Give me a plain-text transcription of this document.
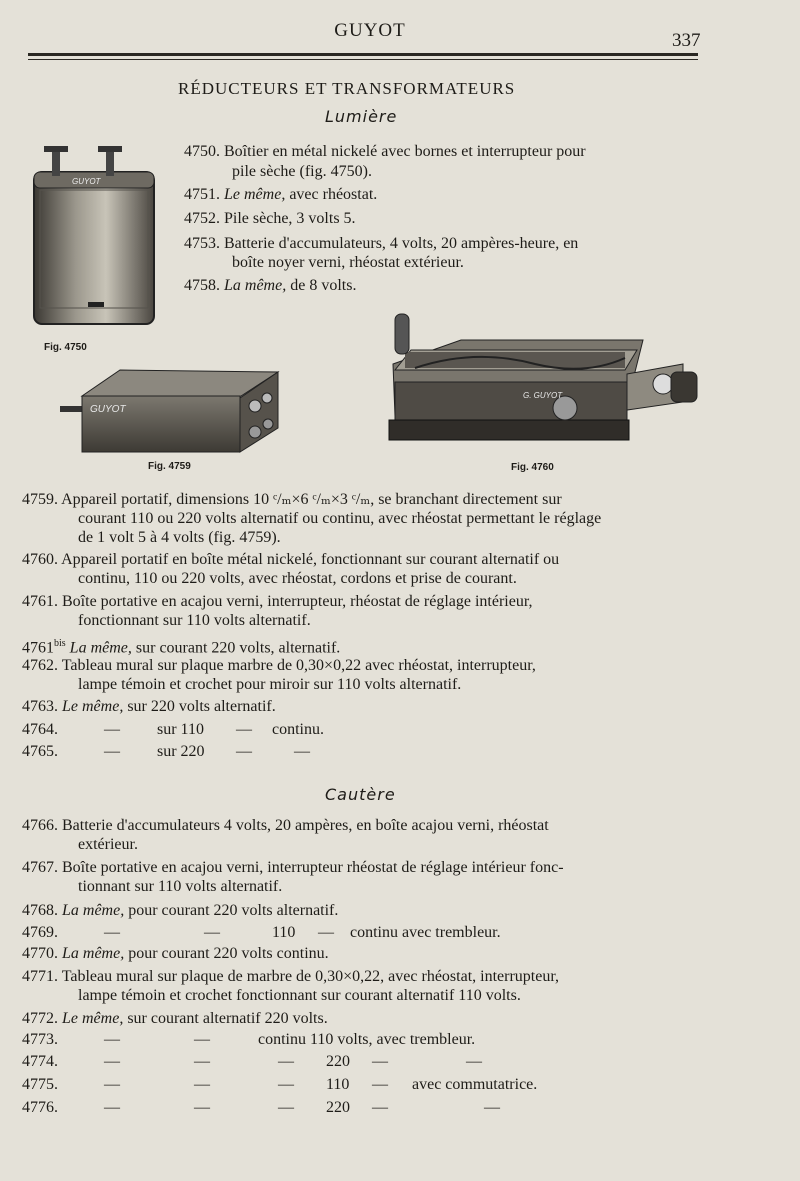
GUYOT	337
RÉDUCTEURS ET TRANSFORMATEURS
Lumière
GUYOT
Fig. 4750
GUYOT
Fig. 4759
G. GUYOT
Fig. 4760
4750. Boîtier en métal nickelé avec bornes et interrupteur pour
pile sèche (fig. 4750).
4751. Le même, avec rhéostat.
4752. Pile sèche, 3 volts 5.
4753. Batterie d'accumulateurs, 4 volts, 20 ampères-heure, en
boîte noyer verni, rhéostat extérieur.
4758. La même, de 8 volts.
4759. Appareil portatif, dimensions 10 ᶜ/ₘ×6 ᶜ/ₘ×3 ᶜ/ₘ, se branchant directement sur
courant 110 ou 220 volts alternatif ou continu, avec rhéostat permettant le réglage
de 1 volt 5 à 4 volts (fig. 4759).
4760. Appareil portatif en boîte métal nickelé, fonctionnant sur courant alternatif ou
continu, 110 ou 220 volts, avec rhéostat, cordons et prise de courant.
4761. Boîte portative en acajou verni, interrupteur, rhéostat de réglage intérieur,
fonctionnant sur 110 volts alternatif.
$4761^{bis}$ La même, sur courant 220 volts, alternatif.
4762. Tableau mural sur plaque marbre de 0,30×0,22 avec rhéostat, interrupteur,
lampe témoin et crochet pour miroir sur 110 volts alternatif.
4763. Le même, sur 220 volts alternatif.
4764.	— sur 110 — continu.
4765.	— sur 220 —	—
Cautère
4766. Batterie d'accumulateurs 4 volts, 20 ampères, en boîte acajou verni, rhéostat
extérieur.
4767. Boîte portative en acajou verni, interrupteur rhéostat de réglage intérieur fonc-
tionnant sur 110 volts alternatif.
4768. La même, pour courant 220 volts alternatif.
4769.	—	—	110 — continu avec trembleur.
4770. La même, pour courant 220 volts continu.
4771. Tableau mural sur plaque de marbre de 0,30×0,22, avec rhéostat, interrupteur,
lampe témoin et crochet fonctionnant sur courant alternatif 110 volts.
4772. Le même, sur courant alternatif 220 volts.
4773.	—	—	continu 110 volts, avec trembleur.
4774.	—	—	— 220 —	—
4775.	—	—	— 110 — avec commutatrice.
4776.	—	—	— 220 —	—
